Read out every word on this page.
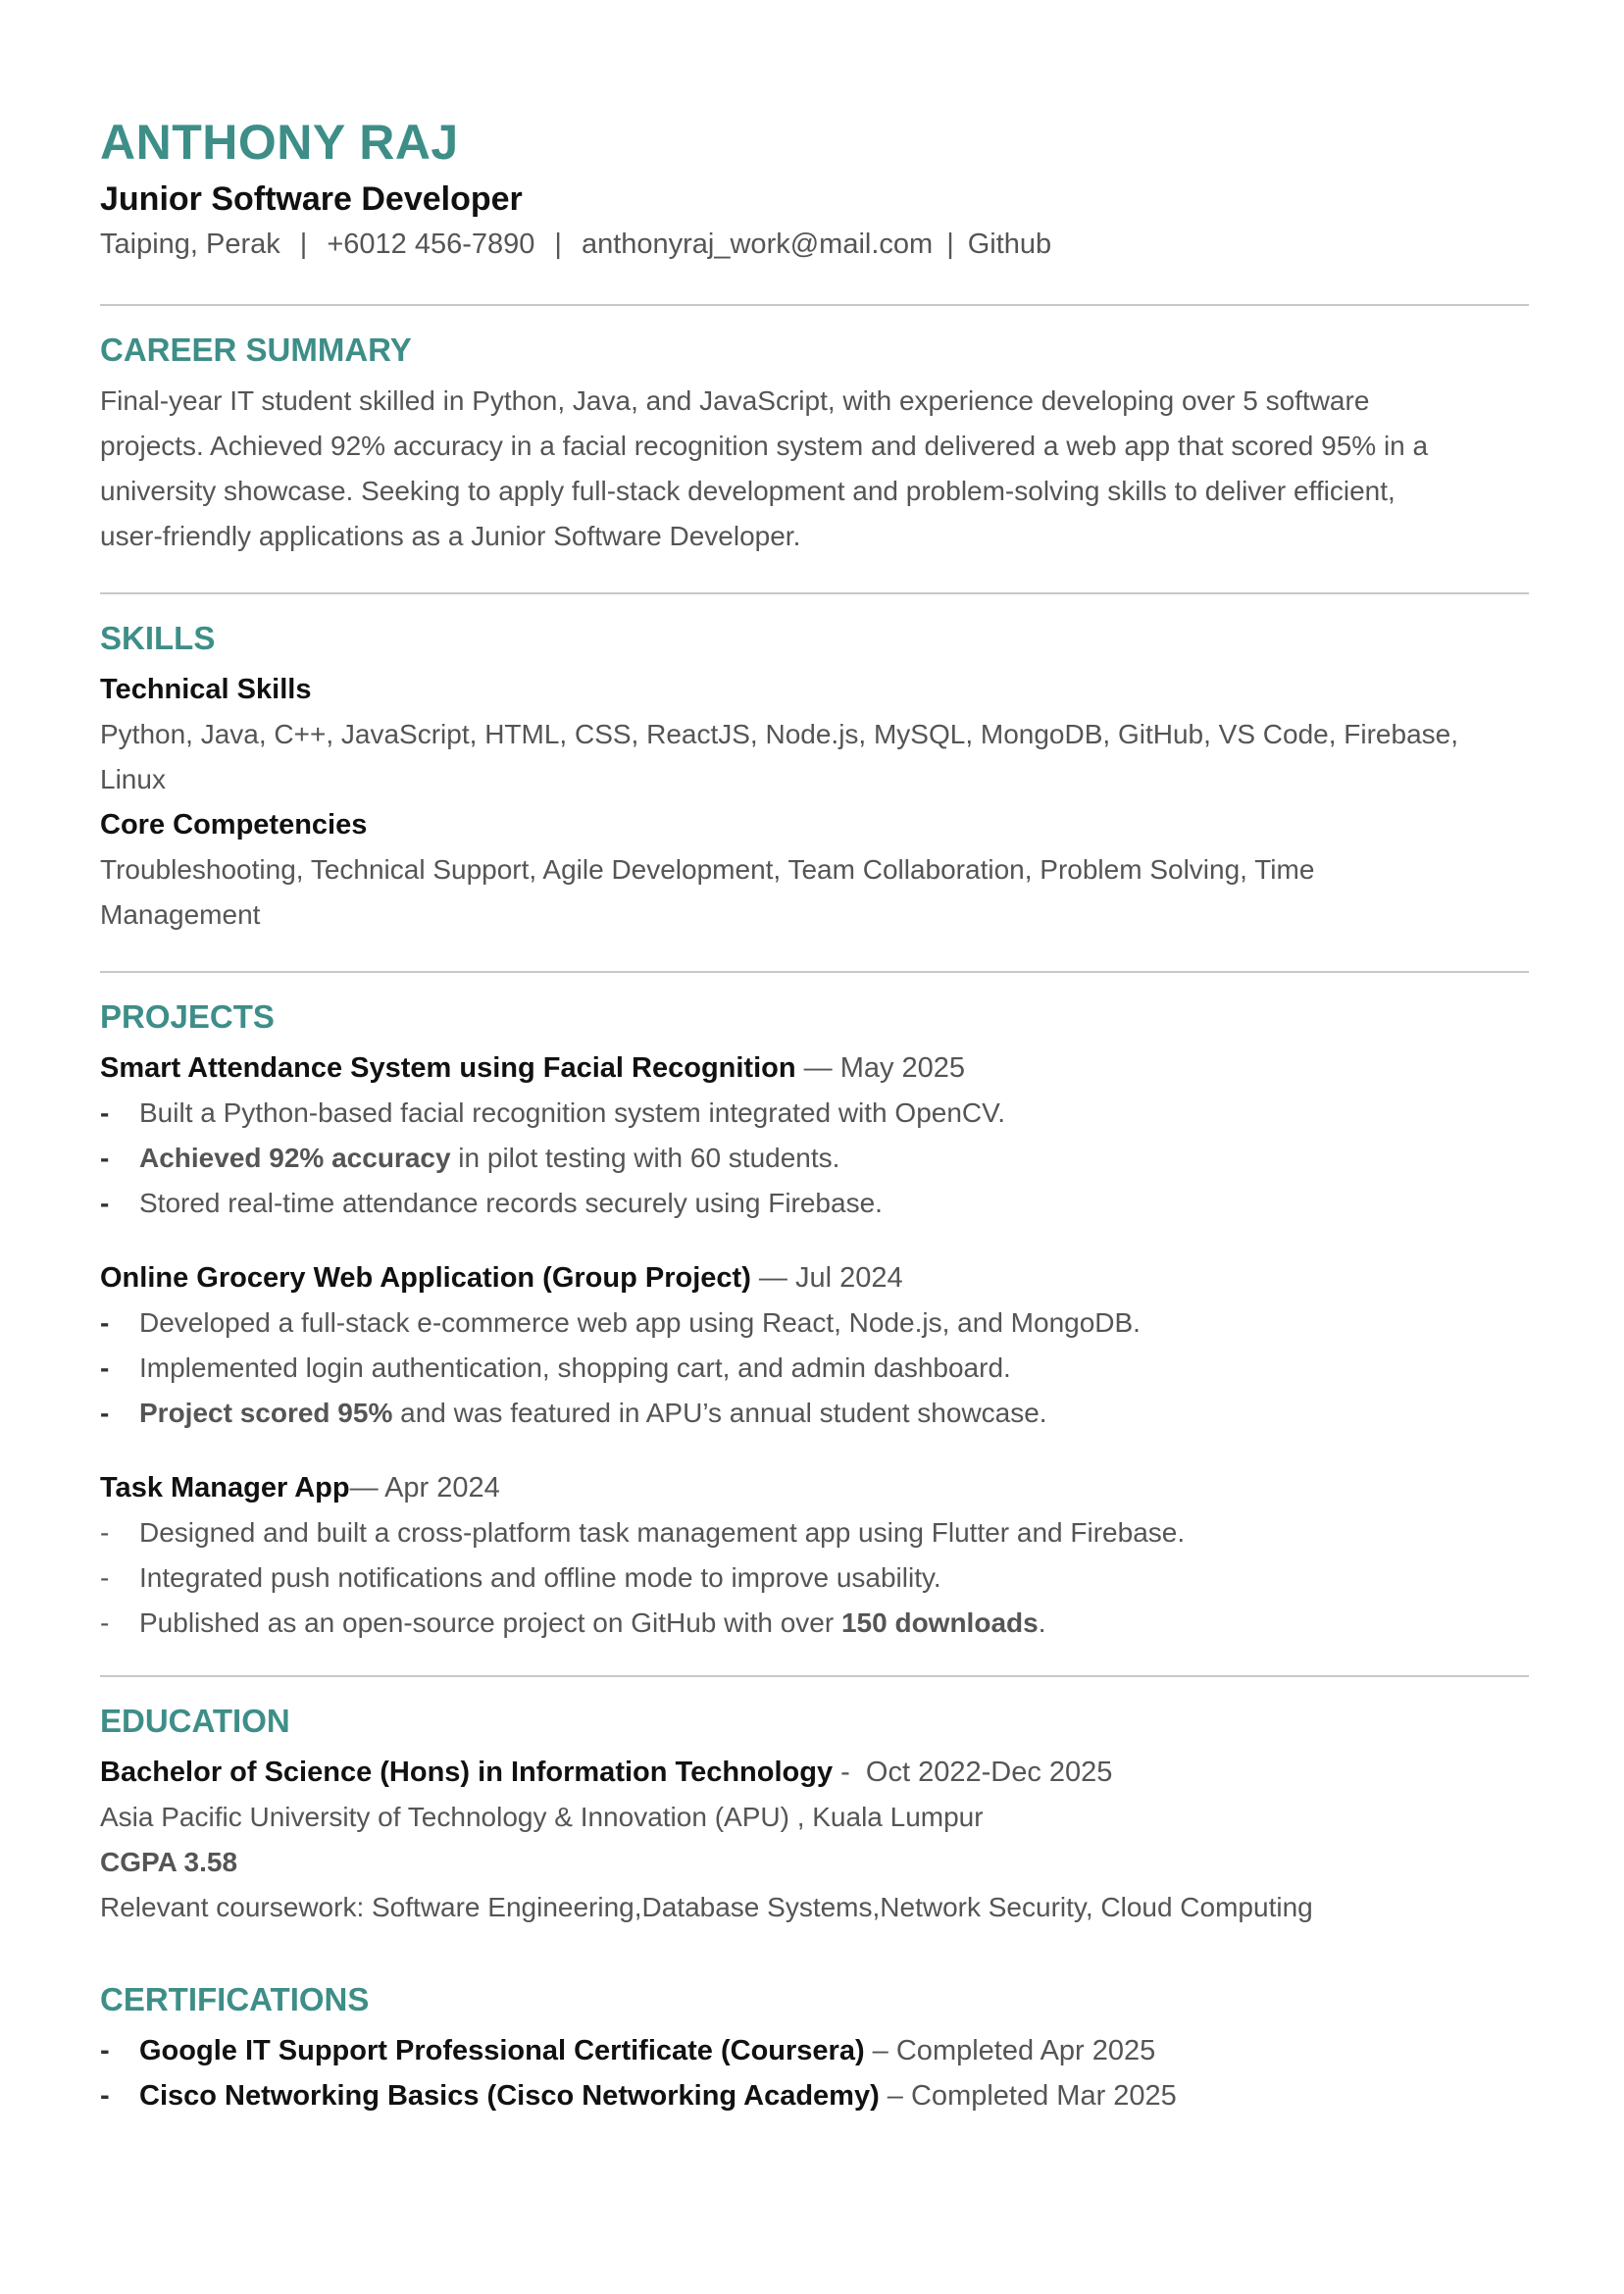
ANTHONY RAJ
Junior Software Developer
Taiping, Perak | +6012 456-7890 | anthonyraj_work@mail.com | Github
CAREER SUMMARY

Final-year IT student skilled in Python, Java, and JavaScript, with experience developing over 5 software

projects. Achieved 92% accuracy in a facial recognition system and delivered a web app that scored 95% in a

university showcase. Seeking to apply full-stack development and problem-solving skills to deliver efficient,

user-friendly applications as a Junior Software Developer.

SKILLS
Technical Skills

Python, Java, C++, JavaScript, HTML, CSS, ReactJS, Node.js, MySQL, MongoDB, GitHub, VS Code, Firebase, Linux

Core Competencies

Troubleshooting, Technical Support, Agile Development, Team Collaboration, Problem Solving, Time

Management

PROJECTS
Smart Attendance System using Facial Recognition — May 2025
- Built a Python-based facial recognition system integrated with OpenCV.
- Achieved 92% accuracy in pilot testing with 60 students.
- Stored real-time attendance records securely using Firebase.
Online Grocery Web Application (Group Project) — Jul 2024
- Developed a full-stack e-commerce web app using React, Node.js, and MongoDB.
- Implemented login authentication, shopping cart, and admin dashboard.
- Project scored 95% and was featured in APU’s annual student showcase.
Task Manager App— Apr 2024
- Designed and built a cross-platform task management app using Flutter and Firebase.
- Integrated push notifications and offline mode to improve usability.
- Published as an open-source project on GitHub with over 150 downloads.
EDUCATION
Bachelor of Science (Hons) in Information Technology -  Oct 2022-Dec 2025

Asia Pacific University of Technology & Innovation (APU) , Kuala Lumpur

CGPA 3.58

Relevant coursework: Software Engineering,Database Systems,Network Security, Cloud Computing

CERTIFICATIONS
- Google IT Support Professional Certificate (Coursera) – Completed Apr 2025
- Cisco Networking Basics (Cisco Networking Academy) – Completed Mar 2025
